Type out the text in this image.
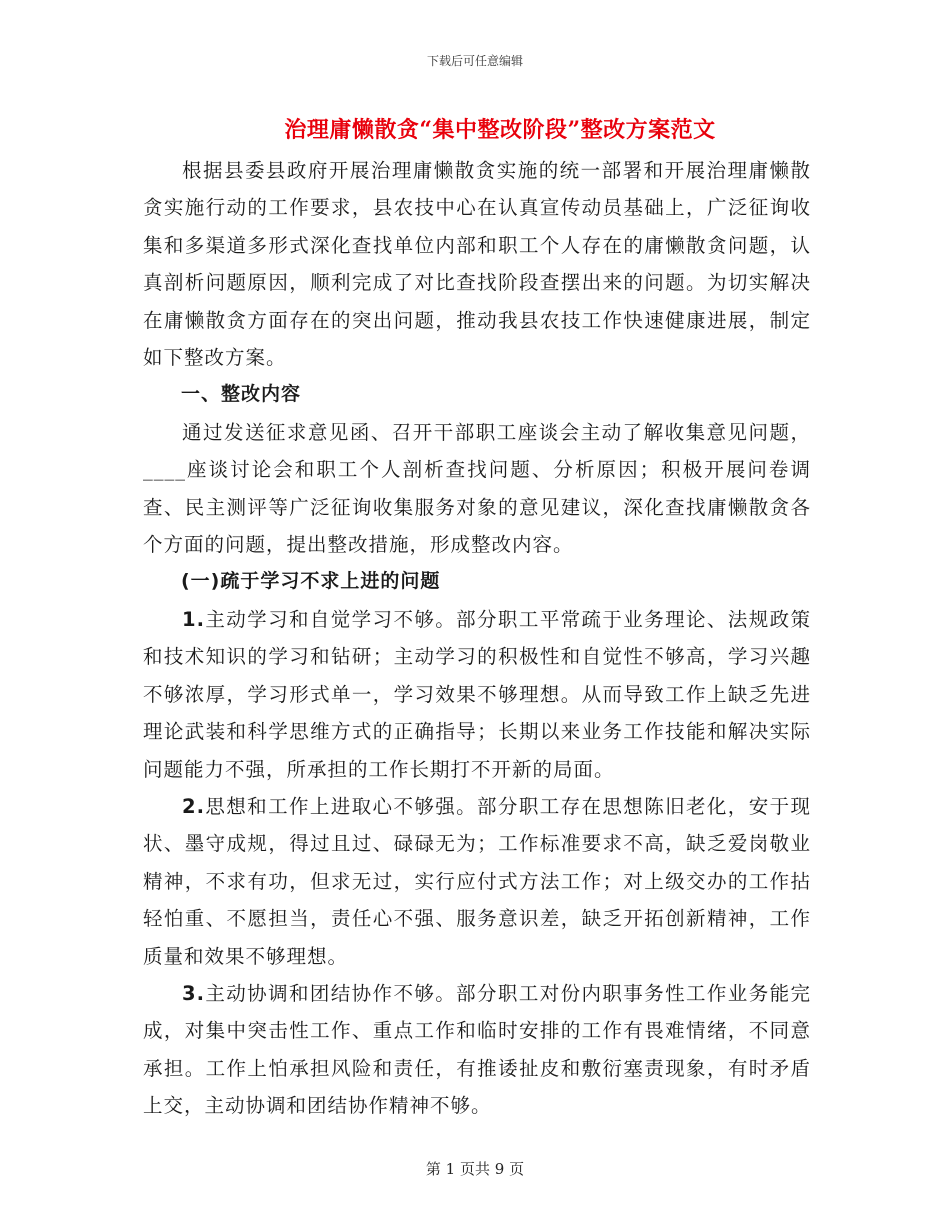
下载后可任意编辑
治理庸懒散贪“集中整改阶段”整改方案范文

根据县委县政府开展治理庸懒散贪实施的统一部署和开展治理庸懒散贪实施行动的工作要求，县农技中心在认真宣传动员基础上，广泛征询收集和多渠道多形式深化查找单位内部和职工个人存在的庸懒散贪问题，认真剖析问题原因，顺利完成了对比查找阶段查摆出来的问题。为切实解决在庸懒散贪方面存在的突出问题，推动我县农技工作快速健康进展，制定如下整改方案。

一、整改内容

通过发送征求意见函、召开干部职工座谈会主动了解收集意见问题，____座谈讨论会和职工个人剖析查找问题、分析原因；积极开展问卷调查、民主测评等广泛征询收集服务对象的意见建议，深化查找庸懒散贪各个方面的问题，提出整改措施，形成整改内容。

(一)疏于学习不求上进的问题

1.主动学习和自觉学习不够。部分职工平常疏于业务理论、法规政策和技术知识的学习和钻研；主动学习的积极性和自觉性不够高，学习兴趣不够浓厚，学习形式单一，学习效果不够理想。从而导致工作上缺乏先进理论武装和科学思维方式的正确指导；长期以来业务工作技能和解决实际问题能力不强，所承担的工作长期打不开新的局面。

2.思想和工作上进取心不够强。部分职工存在思想陈旧老化，安于现状、墨守成规，得过且过、碌碌无为；工作标准要求不高，缺乏爱岗敬业精神，不求有功，但求无过，实行应付式方法工作；对上级交办的工作拈轻怕重、不愿担当，责任心不强、服务意识差，缺乏开拓创新精神，工作质量和效果不够理想。

3.主动协调和团结协作不够。部分职工对份内职事务性工作业务能完成，对集中突击性工作、重点工作和临时安排的工作有畏难情绪，不同意承担。工作上怕承担风险和责任，有推诿扯皮和敷衍塞责现象，有时矛盾上交，主动协调和团结协作精神不够。

第 1 页共 9 页
